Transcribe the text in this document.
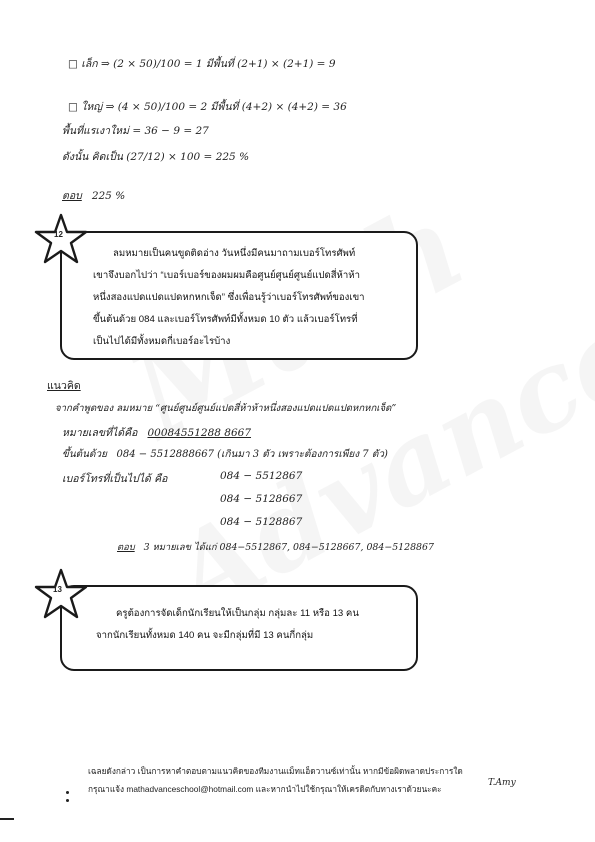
□ เล็ก ⇒ (2 × 50)/100 = 1 มีพื้นที่ (2+1) × (2+1) = 9
□ ใหญ่ ⇒ (4 × 50)/100 = 2 มีพื้นที่ (4+2) × (4+2) = 36
พื้นที่แรเงาใหม่ = 36 − 9 = 27
ดังนั้น คิดเป็น (27/12) × 100 = 225 %
ตอบ 225 %
12
ลมหมายเป็นคนขูดติดอ่าง วันหนึ่งมีคนมาถามเบอร์โทรศัพท์
เขาจึงบอกไปว่า “เบอร์เบอร์ของผมผมคือศูนย์ศูนย์ศูนย์แปดสี่ห้าห้า
หนึ่งสองแปดแปดแปดหกหกเจ็ด” ซึ่งเพื่อนรู้ว่าเบอร์โทรศัพท์ของเขา
ขึ้นต้นด้วย 084 และเบอร์โทรศัพท์มีทั้งหมด 10 ตัว แล้วเบอร์โทรที่
เป็นไปได้มีทั้งหมดกี่เบอร์อะไรบ้าง
แนวคิด
จากคำพูดของ ลมหมาย “ศูนย์ศูนย์ศูนย์แปดสี่ห้าห้าหนึ่งสองแปดแปดแปดหกหกเจ็ด”
หมายเลขที่ได้คือ 00084551288 8667
ขึ้นต้นด้วย 084 − 5512888667 (เกินมา 3 ตัว เพราะต้องการเพียง 7 ตัว)
เบอร์โทรที่เป็นไปได้ คือ	084 − 5512867
084 − 5128667
084 − 5128867
ตอบ 3 หมายเลข ได้แก่ 084−5512867, 084−5128667, 084−5128867
13
ครูต้องการจัดเด็กนักเรียนให้เป็นกลุ่ม กลุ่มละ 11 หรือ 13 คน
จากนักเรียนทั้งหมด 140 คน จะมีกลุ่มที่มี 13 คนกี่กลุ่ม
เฉลยดังกล่าว เป็นการหาคำตอบตามแนวคิดของทีมงานแม็ทแอ็ดวานซ์เท่านั้น หากมีข้อผิดพลาดประการใด
กรุณาแจ้ง mathadvanceschool@hotmail.com และหากนำไปใช้กรุณาให้เครดิตกับทางเราด้วยนะคะ
T.Amy
